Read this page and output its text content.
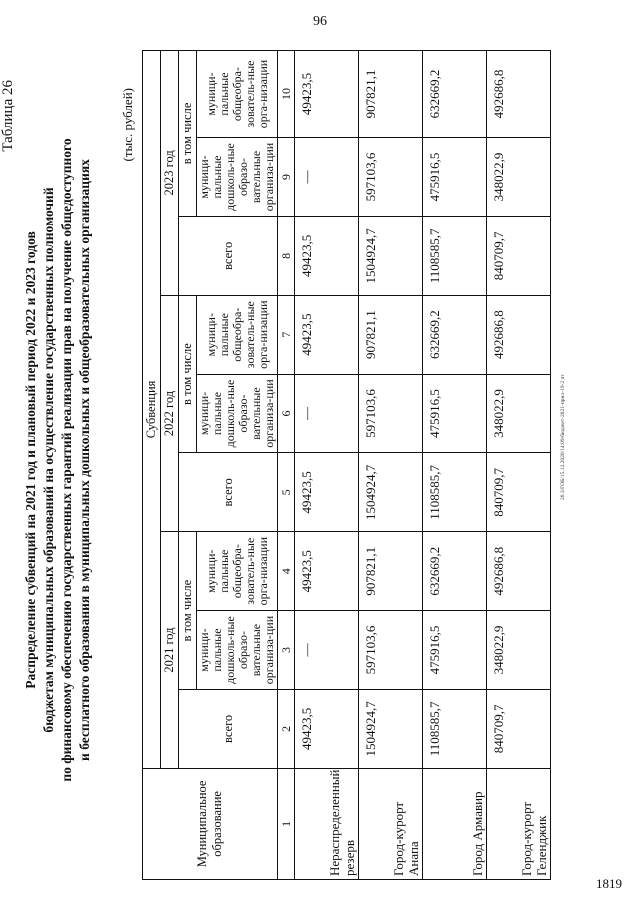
96
1819
20.3/ГОБ/15.12.2020/14:09/бюджет-2021-прил-19-2 чт
Таблица 26
Распределение субвенций на 2021 год и плановый период 2022 и 2023 годов бюджетам муниципальных образований на осуществление государственных полномочий по финансовому обеспечению государственных гарантий реализации прав на получение общедоступного и бесплатного образования в муниципальных дошкольных и общеобразовательных организациях
(тыс. рублей)
Муниципальное образование	Субвенция								
	2021 год			2022 год			2023 год		
	всего	в том числе		всего	в том числе		всего	в том числе	
		муници-пальные дошколь-ные образо-вательные организа-ции	муници-пальные общеобра-зователь-ные орга-низации		муници-пальные дошколь-ные образо-вательные организа-ции	муници-пальные общеобра-зователь-ные орга-низации		муници-пальные дошколь-ные образо-вательные организа-ции	муници-пальные общеобра-зователь-ные орга-низации
1	2	3	4	5	6	7	8	9	10
Нераспределенный резерв	49423,5	—	49423,5	49423,5	—	49423,5	49423,5	—	49423,5
Город-курорт Анапа	1504924,7	597103,6	907821,1	1504924,7	597103,6	907821,1	1504924,7	597103,6	907821,1
Город Армавир	1108585,7	475916,5	632669,2	1108585,7	475916,5	632669,2	1108585,7	475916,5	632669,2
Город-курорт Геленджик	840709,7	348022,9	492686,8	840709,7	348022,9	492686,8	840709,7	348022,9	492686,8
